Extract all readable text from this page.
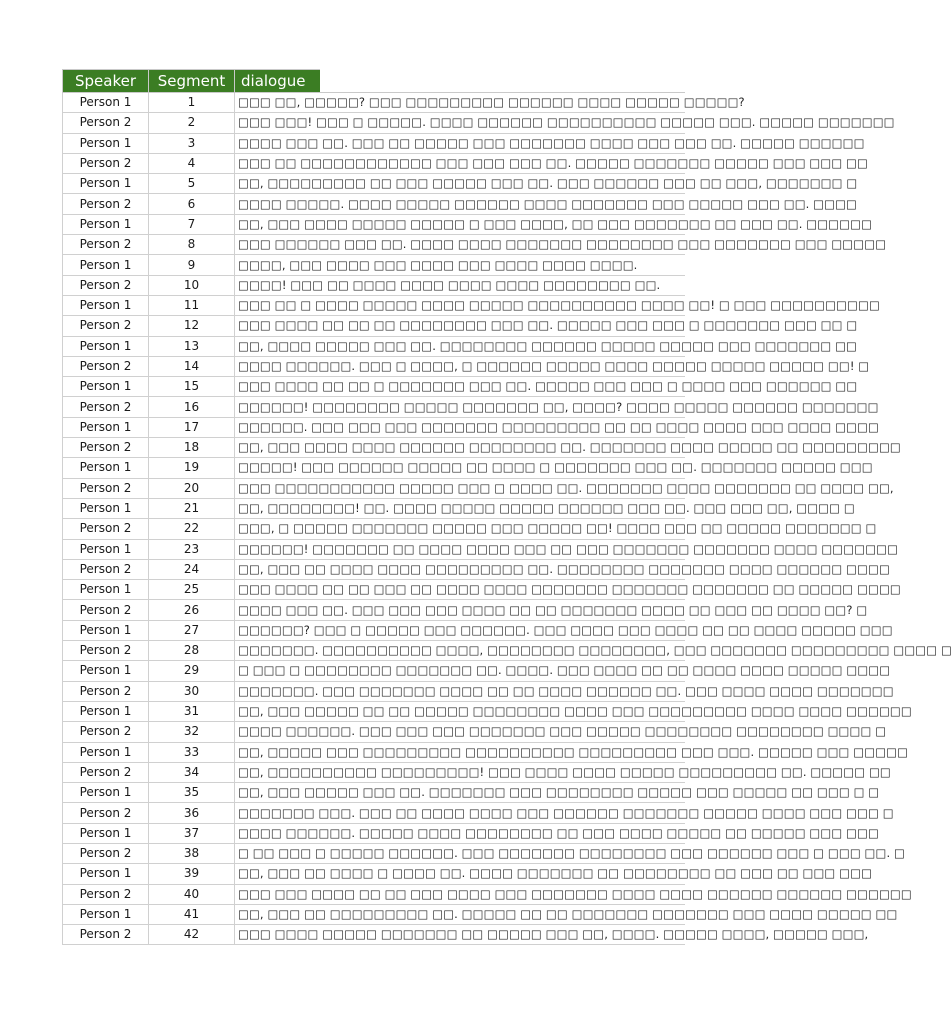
Speaker	Segment	dialogue
Person 1	1	□□□ □□, □□□□□? □□□ □□□□□□□□□ □□□□□□ □□□□ □□□□□ □□□□□?
Person 2	2	□□□ □□□! □□□ □ □□□□□. □□□□ □□□□□□ □□□□□□□□□□ □□□□□ □□□. □□□□□ □□□□□□□
Person 1	3	□□□□ □□□ □□. □□□ □□ □□□□□ □□□ □□□□□□□ □□□□ □□□ □□□ □□. □□□□□ □□□□□□
Person 2	4	□□□ □□ □□□□□□□□□□□□ □□□ □□□ □□□ □□. □□□□□ □□□□□□□ □□□□□ □□□ □□□ □□
Person 1	5	□□, □□□□□□□□□ □□ □□□ □□□□□ □□□ □□. □□□ □□□□□□ □□□ □□ □□□, □□□□□□□ □
Person 2	6	□□□□ □□□□□. □□□□ □□□□□ □□□□□□ □□□□ □□□□□□□ □□□ □□□□□ □□□ □□. □□□□
Person 1	7	□□, □□□ □□□□ □□□□□ □□□□□ □ □□□ □□□□, □□ □□□ □□□□□□□ □□ □□□ □□. □□□□□□
Person 2	8	□□□ □□□□□□ □□□ □□. □□□□ □□□□ □□□□□□□ □□□□□□□□ □□□ □□□□□□□ □□□ □□□□□
Person 1	9	□□□□, □□□ □□□□ □□□ □□□□ □□□ □□□□ □□□□ □□□□.
Person 2	10	□□□□! □□□ □□ □□□□ □□□□ □□□□ □□□□ □□□□□□□□ □□.
Person 1	11	□□□ □□ □ □□□□ □□□□□ □□□□ □□□□□ □□□□□□□□□□ □□□□ □□! □ □□□ □□□□□□□□□□
Person 2	12	□□□ □□□□ □□ □□ □□ □□□□□□□□ □□□ □□. □□□□□ □□□ □□□ □ □□□□□□□ □□□ □□ □
Person 1	13	□□, □□□□ □□□□□ □□□ □□. □□□□□□□□ □□□□□□ □□□□□ □□□□□ □□□ □□□□□□□ □□
Person 2	14	□□□□ □□□□□□. □□□ □ □□□□, □ □□□□□□ □□□□□ □□□□ □□□□□ □□□□□ □□□□□ □□! □
Person 1	15	□□□ □□□□ □□ □□ □ □□□□□□□ □□□ □□. □□□□□ □□□ □□□ □ □□□□ □□□ □□□□□□ □□
Person 2	16	□□□□□□! □□□□□□□□ □□□□□ □□□□□□□ □□, □□□□? □□□□ □□□□□ □□□□□□ □□□□□□□
Person 1	17	□□□□□□. □□□ □□□ □□□ □□□□□□□ □□□□□□□□□ □□ □□ □□□□ □□□□ □□□ □□□□ □□□□
Person 2	18	□□, □□□ □□□□ □□□□ □□□□□□ □□□□□□□□ □□. □□□□□□□ □□□□ □□□□□ □□ □□□□□□□□□
Person 1	19	□□□□□! □□□ □□□□□□ □□□□□ □□ □□□□ □ □□□□□□□ □□□ □□. □□□□□□□ □□□□□ □□□
Person 2	20	□□□ □□□□□□□□□□□ □□□□□ □□□ □ □□□□ □□. □□□□□□□ □□□□ □□□□□□□ □□ □□□□ □□,
Person 1	21	□□, □□□□□□□□! □□. □□□□ □□□□□ □□□□□ □□□□□□ □□□ □□. □□□ □□□ □□, □□□□ □
Person 2	22	□□□, □ □□□□□ □□□□□□□ □□□□□ □□□ □□□□□ □□! □□□□ □□□ □□ □□□□□ □□□□□□□ □
Person 1	23	□□□□□□! □□□□□□□ □□ □□□□ □□□□ □□□ □□ □□□ □□□□□□□ □□□□□□□ □□□□ □□□□□□□
Person 2	24	□□, □□□ □□ □□□□ □□□□ □□□□□□□□□ □□. □□□□□□□□ □□□□□□□ □□□□ □□□□□□ □□□□
Person 1	25	□□□ □□□□ □□ □□ □□□ □□ □□□□ □□□□ □□□□□□□ □□□□□□□ □□□□□□□ □□ □□□□□ □□□□
Person 2	26	□□□□ □□□ □□. □□□ □□□ □□□ □□□□ □□ □□ □□□□□□□ □□□□ □□ □□□ □□ □□□□ □□? □
Person 1	27	□□□□□□? □□□ □ □□□□□ □□□ □□□□□□. □□□ □□□□ □□□ □□□□ □□ □□ □□□□ □□□□□ □□□
Person 2	28	□□□□□□□. □□□□□□□□□□ □□□□, □□□□□□□□ □□□□□□□□, □□□ □□□□□□□ □□□□□□□□□ □□□□ □
Person 1	29	□ □□□ □ □□□□□□□□ □□□□□□□ □□. □□□□. □□□ □□□□ □□ □□ □□□□ □□□□ □□□□□ □□□□
Person 2	30	□□□□□□□. □□□ □□□□□□□ □□□□ □□ □□ □□□□ □□□□□□ □□. □□□ □□□□ □□□□ □□□□□□□
Person 1	31	□□, □□□ □□□□□ □□ □□ □□□□□ □□□□□□□□ □□□□ □□□ □□□□□□□□□ □□□□ □□□□ □□□□□□
Person 2	32	□□□□ □□□□□□. □□□ □□□ □□□ □□□□□□□ □□□ □□□□□ □□□□□□□□ □□□□□□□□ □□□□ □
Person 1	33	□□, □□□□□ □□□ □□□□□□□□□ □□□□□□□□□□ □□□□□□□□□ □□□ □□□. □□□□□ □□□ □□□□□
Person 2	34	□□, □□□□□□□□□□ □□□□□□□□□! □□□ □□□□ □□□□ □□□□□ □□□□□□□□□ □□. □□□□□ □□
Person 1	35	□□, □□□ □□□□□ □□□ □□. □□□□□□□ □□□ □□□□□□□□ □□□□□ □□□ □□□□□ □□ □□□ □ □
Person 2	36	□□□□□□□ □□□. □□□ □□ □□□□ □□□□ □□□ □□□□□□ □□□□□□□ □□□□□ □□□□ □□□ □□□ □
Person 1	37	□□□□ □□□□□□. □□□□□ □□□□ □□□□□□□□ □□ □□□ □□□□ □□□□□ □□ □□□□□ □□□ □□□
Person 2	38	□ □□ □□□ □ □□□□□ □□□□□□. □□□ □□□□□□□ □□□□□□□□ □□□ □□□□□□ □□□ □ □□□ □□. □
Person 1	39	□□, □□□ □□ □□□□ □ □□□□ □□. □□□□ □□□□□□□ □□ □□□□□□□□ □□ □□□ □□ □□□ □□□
Person 2	40	□□□ □□□ □□□□ □□ □□ □□□ □□□□ □□□ □□□□□□□ □□□□ □□□□ □□□□□□ □□□□□□ □□□□□□
Person 1	41	□□, □□□ □□ □□□□□□□□□ □□. □□□□□ □□ □□ □□□□□□□ □□□□□□□ □□□ □□□□ □□□□□ □□
Person 2	42	□□□ □□□□ □□□□□ □□□□□□□ □□ □□□□□ □□□ □□, □□□□. □□□□□ □□□□, □□□□□ □□□,
